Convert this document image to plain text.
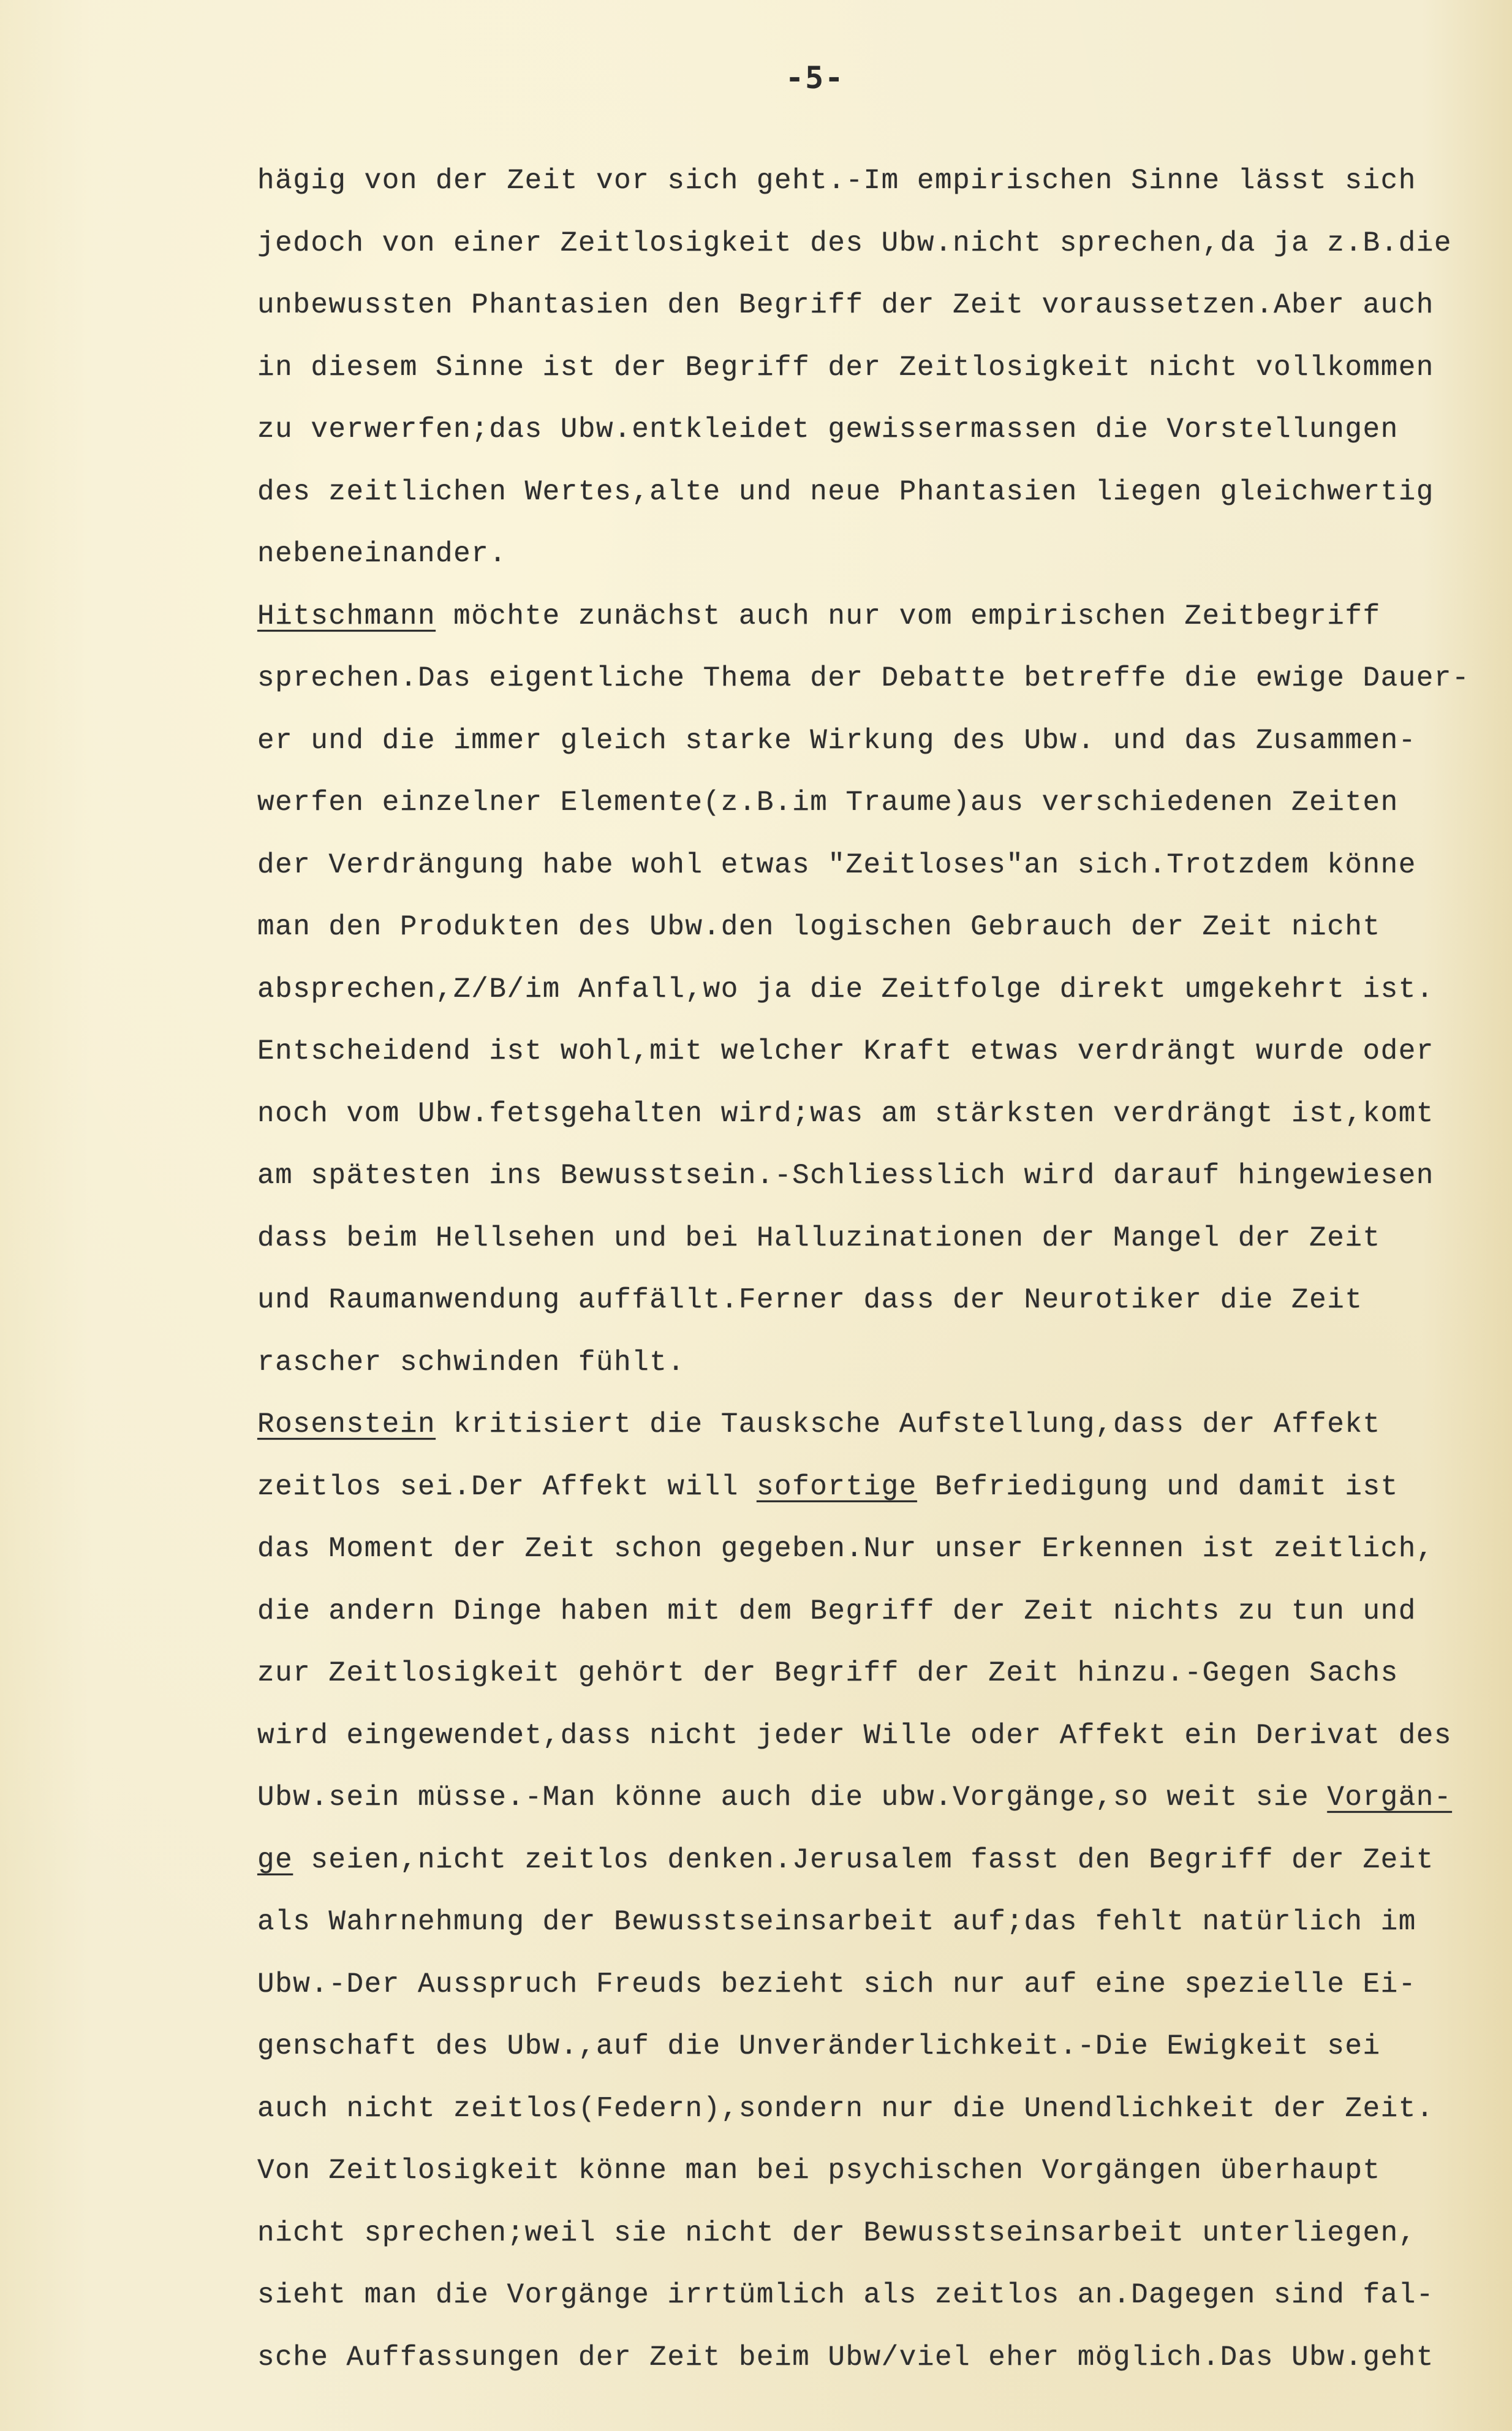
-5-
hägig von der Zeit vor sich geht.-Im empirischen Sinne lässt sich
jedoch von einer Zeitlosigkeit des Ubw.nicht sprechen,da ja z.B.die
unbewussten Phantasien den Begriff der Zeit voraussetzen.Aber auch
in diesem Sinne ist der Begriff der Zeitlosigkeit nicht vollkommen
zu verwerfen;das Ubw.entkleidet gewissermassen die Vorstellungen
des zeitlichen Wertes,alte und neue Phantasien liegen gleichwertig
nebeneinander.
Hitschmann möchte zunächst auch nur vom empirischen Zeitbegriff
sprechen.Das eigentliche Thema der Debatte betreffe die ewige Dauer-
er und die immer gleich starke Wirkung des Ubw. und das Zusammen-
werfen einzelner Elemente(z.B.im Traume)aus verschiedenen Zeiten
der Verdrängung habe wohl etwas "Zeitloses"an sich.Trotzdem könne
man den Produkten des Ubw.den logischen Gebrauch der Zeit nicht
absprechen,Z/B/im Anfall,wo ja die Zeitfolge direkt umgekehrt ist.
Entscheidend ist wohl,mit welcher Kraft etwas verdrängt wurde oder
noch vom Ubw.fetsgehalten wird;was am stärksten verdrängt ist,komt
am spätesten ins Bewusstsein.-Schliesslich wird darauf hingewiesen
dass beim Hellsehen und bei Halluzinationen der Mangel der Zeit
und Raumanwendung auffällt.Ferner dass der Neurotiker die Zeit
rascher schwinden fühlt.
Rosenstein kritisiert die Tausksche Aufstellung,dass der Affekt
zeitlos sei.Der Affekt will sofortige Befriedigung und damit ist
das Moment der Zeit schon gegeben.Nur unser Erkennen ist zeitlich,
die andern Dinge haben mit dem Begriff der Zeit nichts zu tun und
zur Zeitlosigkeit gehört der Begriff der Zeit hinzu.-Gegen Sachs
wird eingewendet,dass nicht jeder Wille oder Affekt ein Derivat des
Ubw.sein müsse.-Man könne auch die ubw.Vorgänge,so weit sie Vorgän-
ge seien,nicht zeitlos denken.Jerusalem fasst den Begriff der Zeit
als Wahrnehmung der Bewusstseinsarbeit auf;das fehlt natürlich im
Ubw.-Der Ausspruch Freuds bezieht sich nur auf eine spezielle Ei-
genschaft des Ubw.,auf die Unveränderlichkeit.-Die Ewigkeit sei
auch nicht zeitlos(Federn),sondern nur die Unendlichkeit der Zeit.
Von Zeitlosigkeit könne man bei psychischen Vorgängen überhaupt
nicht sprechen;weil sie nicht der Bewusstseinsarbeit unterliegen,
sieht man die Vorgänge irrtümlich als zeitlos an.Dagegen sind fal-
sche Auffassungen der Zeit beim Ubw/viel eher möglich.Das Ubw.geht
